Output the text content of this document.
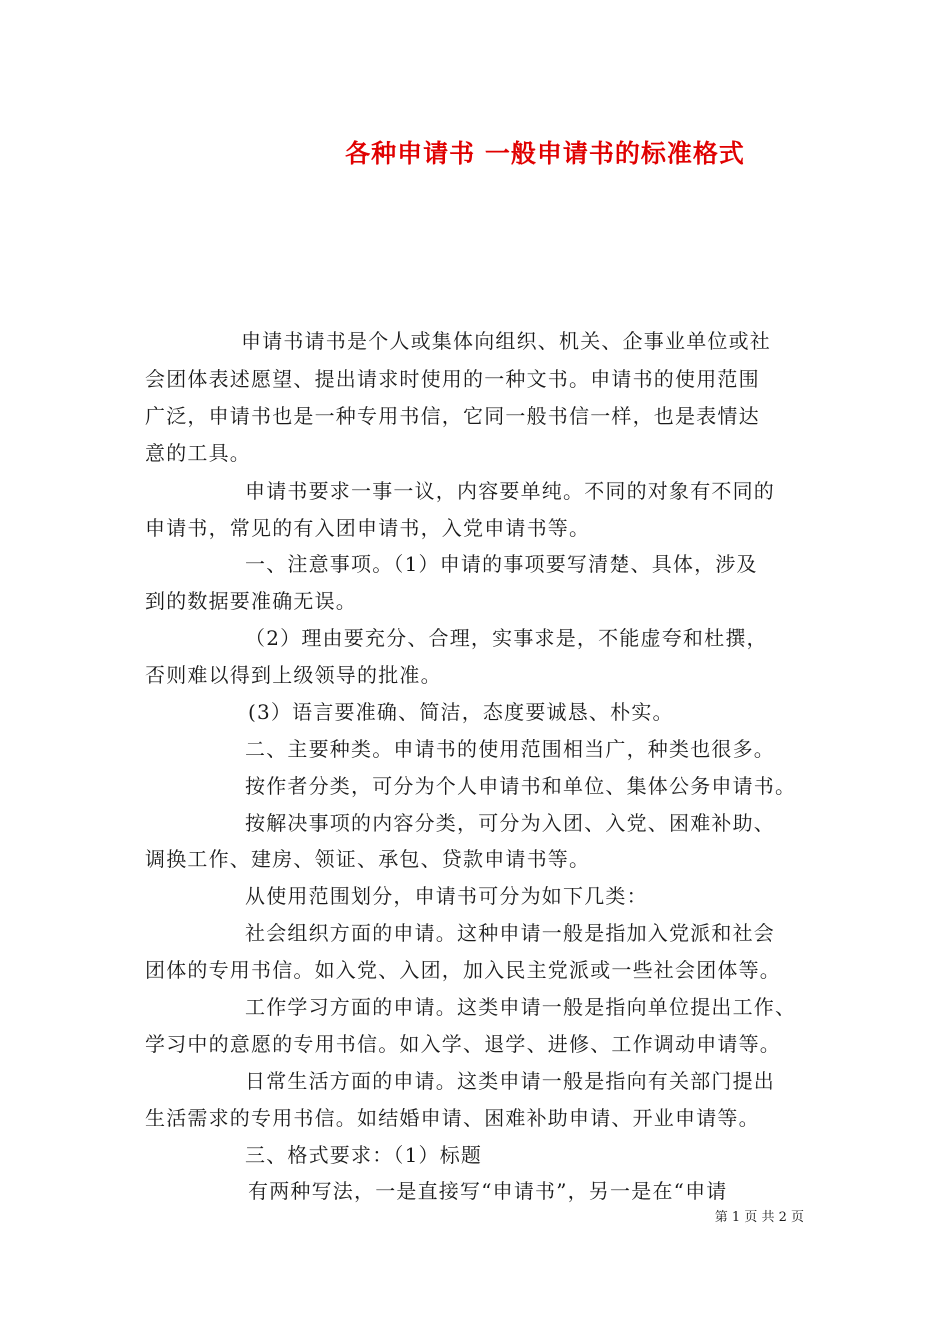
各种申请书 一般申请书的标准格式
申请书请书是个人或集体向组织、机关、企事业单位或社
会团体表述愿望、提出请求时使用的一种文书。申请书的使用范围
广泛，申请书也是一种专用书信，它同一般书信一样，也是表情达
意的工具。
申请书要求一事一议，内容要单纯。不同的对象有不同的
申请书，常见的有入团申请书，入党申请书等。
一、注意事项。（1）申请的事项要写清楚、具体，涉及
到的数据要准确无误。
（2）理由要充分、合理，实事求是，不能虚夸和杜撰，
否则难以得到上级领导的批准。
(3）语言要准确、简洁，态度要诚恳、朴实。
二、主要种类。申请书的使用范围相当广，种类也很多。
按作者分类，可分为个人申请书和单位、集体公务申请书。
按解决事项的内容分类，可分为入团、入党、困难补助、
调换工作、建房、领证、承包、贷款申请书等。
从使用范围划分，申请书可分为如下几类：
社会组织方面的申请。这种申请一般是指加入党派和社会
团体的专用书信。如入党、入团，加入民主党派或一些社会团体等。
工作学习方面的申请。这类申请一般是指向单位提出工作、
学习中的意愿的专用书信。如入学、退学、进修、工作调动申请等。
日常生活方面的申请。这类申请一般是指向有关部门提出
生活需求的专用书信。如结婚申请、困难补助申请、开业申请等。
三、格式要求：（1）标题
有两种写法，一是直接写“申请书”，另一是在“申请
第 1 页 共 2 页
